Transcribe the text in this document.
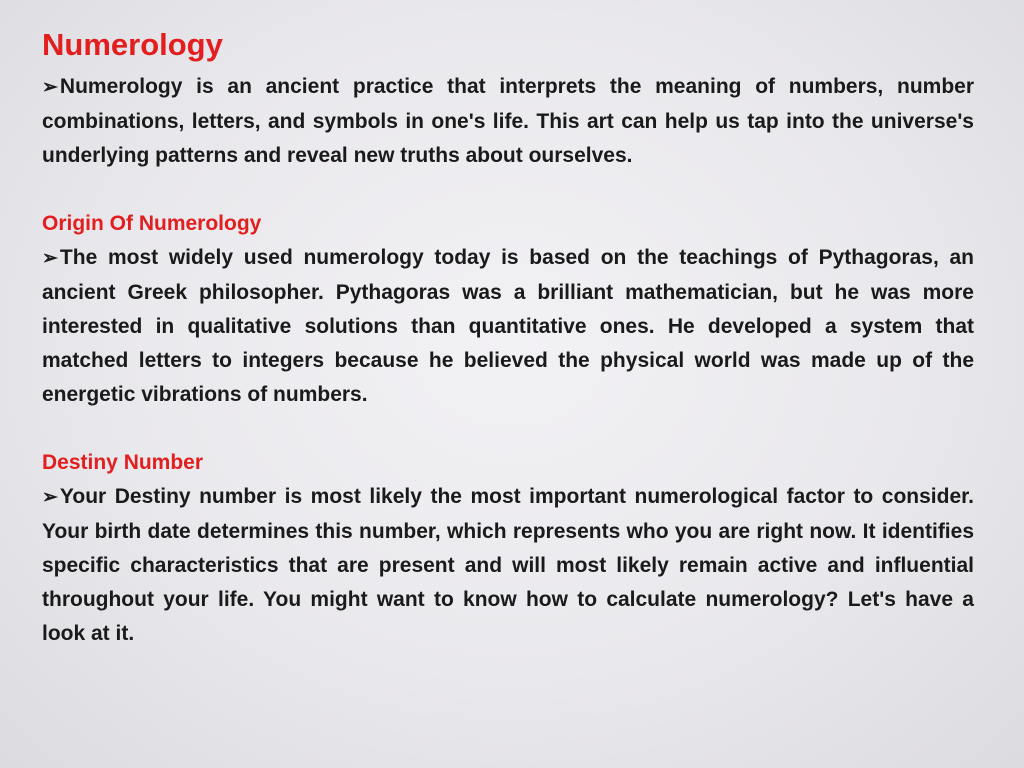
Numerology

➢Numerology is an ancient practice that interprets the meaning of numbers, number combinations, letters, and symbols in one's life. This art can help us tap into the universe's underlying patterns and reveal new truths about ourselves.

Origin Of Numerology

➢The most widely used numerology today is based on the teachings of Pythagoras, an ancient Greek philosopher. Pythagoras was a brilliant mathematician, but he was more interested in qualitative solutions than quantitative ones. He developed a system that matched letters to integers because he believed the physical world was made up of the energetic vibrations of numbers.

Destiny Number

➢Your Destiny number is most likely the most important numerological factor to consider. Your birth date determines this number, which represents who you are right now. It identifies specific characteristics that are present and will most likely remain active and influential throughout your life. You might want to know how to calculate numerology? Let's have a look at it.
